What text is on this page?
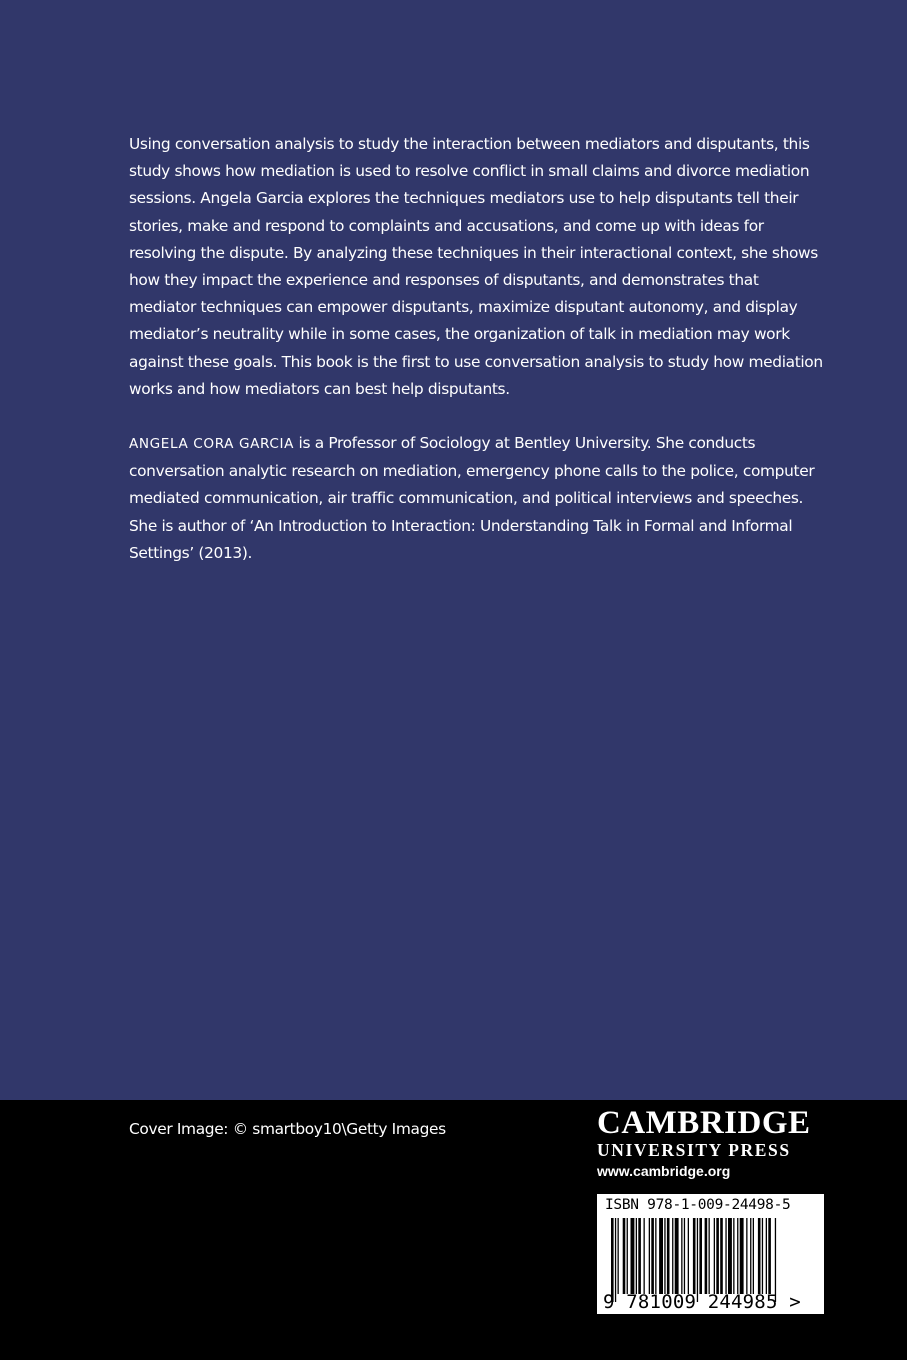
Using conversation analysis to study the interaction between mediators and disputants, this study shows how mediation is used to resolve conflict in small claims and divorce mediation sessions. Angela Garcia explores the techniques mediators use to help disputants tell their stories, make and respond to complaints and accusations, and come up with ideas for resolving the dispute. By analyzing these techniques in their interactional context, she shows how they impact the experience and responses of disputants, and demonstrates that mediator techniques can empower disputants, maximize disputant autonomy, and display mediator’s neutrality while in some cases, the organization of talk in mediation may work against these goals. This book is the first to use conversation analysis to study how mediation works and how mediators can best help disputants.

ANGELA CORA GARCIA is a Professor of Sociology at Bentley University. She conducts conversation analytic research on mediation, emergency phone calls to the police, computer mediated communication, air traffic communication, and political interviews and speeches. She is author of ‘An Introduction to Interaction: Understanding Talk in Formal and Informal Settings’ (2013).

Cover Image: © smartboy10\Getty Images	CAMBRIDGE
UNIVERSITY PRESS
www.cambridge.org
ISBN 978-1-009-24498-5
9 781009 244985 >
